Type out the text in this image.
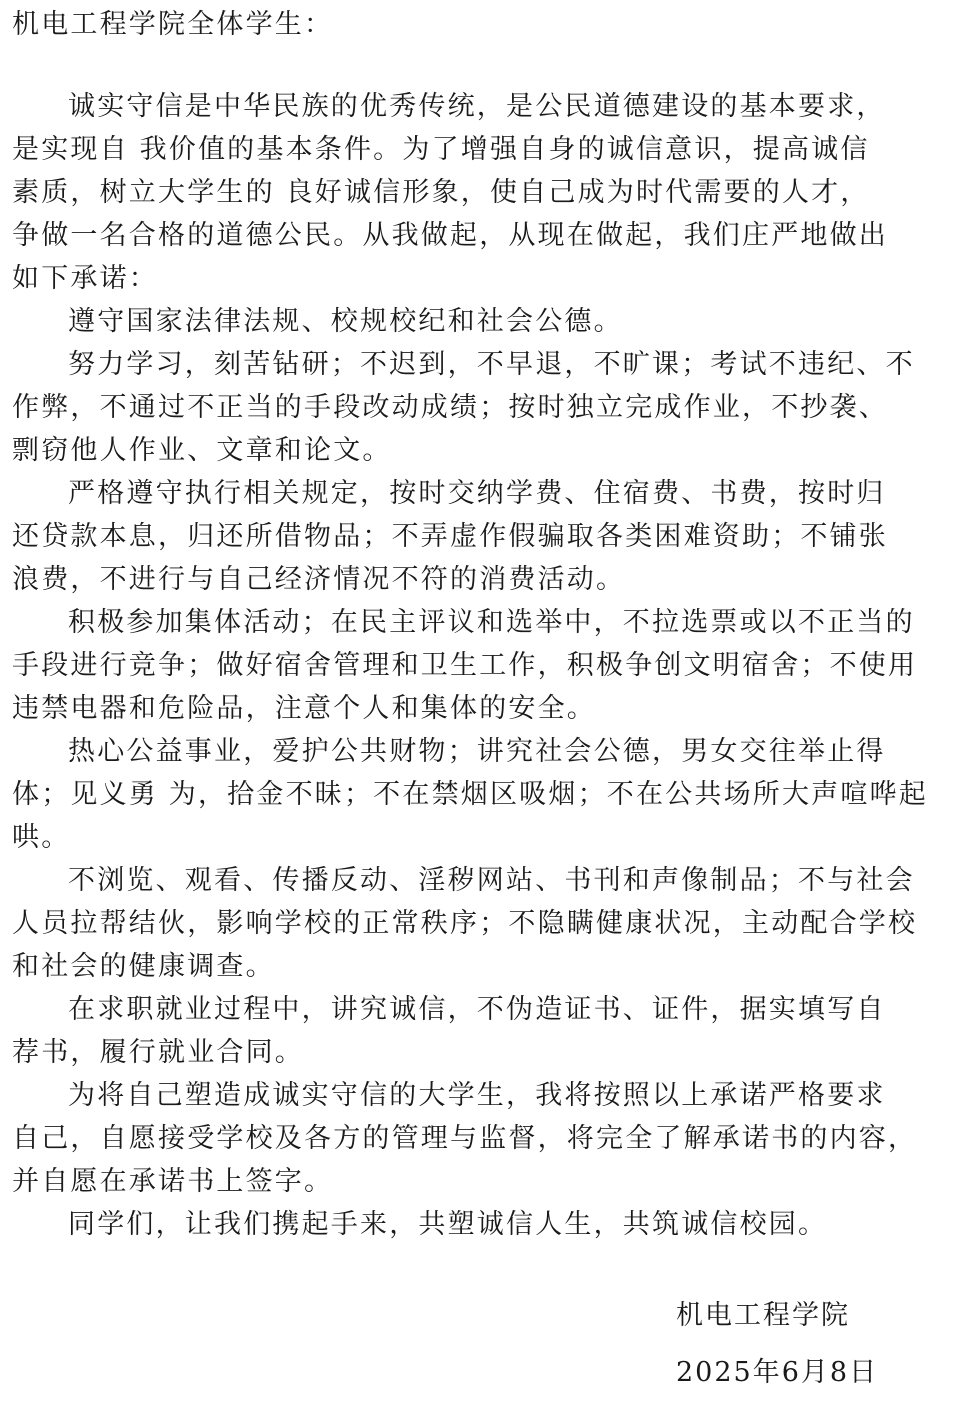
机电工程学院全体学生：
诚实守信是中华民族的优秀传统，是公民道德建设的基本要求，
是实现自 我价值的基本条件。为了增强自身的诚信意识，提高诚信
素质，树立大学生的 良好诚信形象，使自己成为时代需要的人才，
争做一名合格的道德公民。从我做起，从现在做起，我们庄严地做出
如下承诺：
遵守国家法律法规、校规校纪和社会公德。
努力学习，刻苦钻研；不迟到，不早退，不旷课；考试不违纪、不
作弊，不通过不正当的手段改动成绩；按时独立完成作业，不抄袭、
剽窃他人作业、文章和论文。
严格遵守执行相关规定，按时交纳学费、住宿费、书费，按时归
还贷款本息，归还所借物品；不弄虚作假骗取各类困难资助；不铺张
浪费，不进行与自己经济情况不符的消费活动。
积极参加集体活动；在民主评议和选举中，不拉选票或以不正当的
手段进行竞争；做好宿舍管理和卫生工作，积极争创文明宿舍；不使用
违禁电器和危险品，注意个人和集体的安全。
热心公益事业，爱护公共财物；讲究社会公德，男女交往举止得
体；见义勇 为，拾金不昧；不在禁烟区吸烟；不在公共场所大声喧哗起
哄。
不浏览、观看、传播反动、淫秽网站、书刊和声像制品；不与社会
人员拉帮结伙，影响学校的正常秩序；不隐瞒健康状况，主动配合学校
和社会的健康调查。
在求职就业过程中，讲究诚信，不伪造证书、证件，据实填写自
荐书，履行就业合同。
为将自己塑造成诚实守信的大学生，我将按照以上承诺严格要求
自己，自愿接受学校及各方的管理与监督，将完全了解承诺书的内容，
并自愿在承诺书上签字。
同学们，让我们携起手来，共塑诚信人生，共筑诚信校园。
机电工程学院
2025年6月8日
